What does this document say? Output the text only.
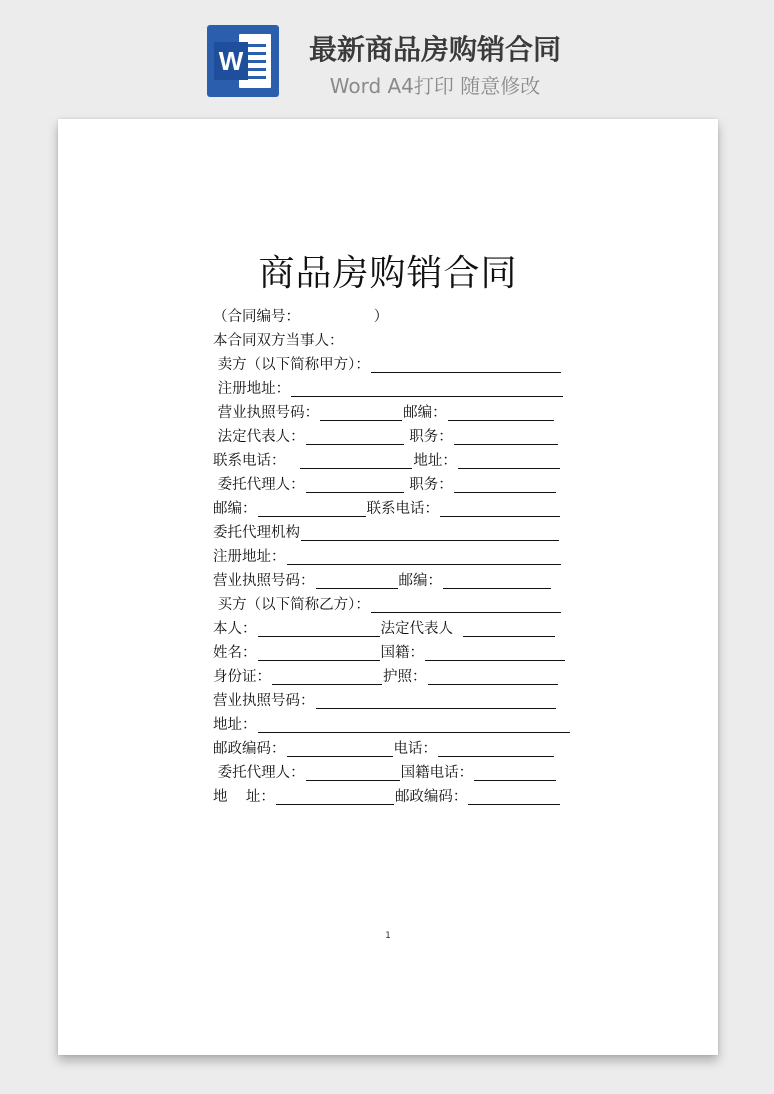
W	最新商品房购销合同
Word A4打印 随意修改

商品房购销合同
（合同编号：                ）
本合同双方当事人：
卖方（以下简称甲方）：
注册地址：
营业执照号码：	邮编：
法定代表人：	职务：
联系电话：	地址：
委托代理人：	职务：
邮编：	联系电话：
委托代理机构
注册地址：
营业执照号码：	邮编：
买方（以下简称乙方）：
本人：	法定代表人
姓名：	国籍：
身份证：	护照：
营业执照号码：
地址：
邮政编码：	电话：
委托代理人：	国籍电话：
地    址：	邮政编码：
1
